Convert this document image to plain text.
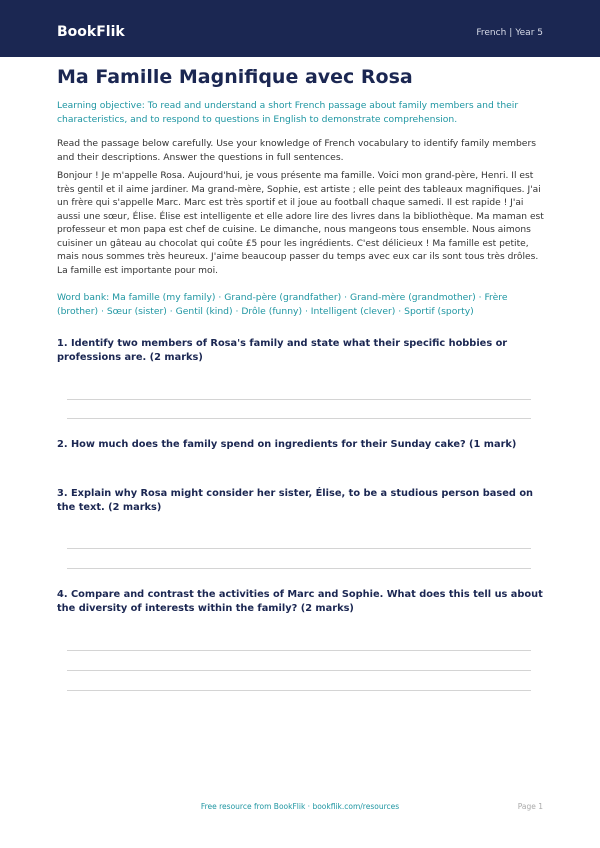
BookFlik	French | Year 5
Ma Famille Magnifique avec Rosa
Learning objective: To read and understand a short French passage about family members and their characteristics, and to respond to questions in English to demonstrate comprehension.
Read the passage below carefully. Use your knowledge of French vocabulary to identify family members and their descriptions. Answer the questions in full sentences.
Bonjour ! Je m'appelle Rosa. Aujourd'hui, je vous présente ma famille. Voici mon grand-père, Henri. Il est très gentil et il aime jardiner. Ma grand-mère, Sophie, est artiste ; elle peint des tableaux magnifiques. J'ai un frère qui s'appelle Marc. Marc est très sportif et il joue au football chaque samedi. Il est rapide ! J'ai aussi une sœur, Élise. Élise est intelligente et elle adore lire des livres dans la bibliothèque. Ma maman est professeur et mon papa est chef de cuisine. Le dimanche, nous mangeons tous ensemble. Nous aimons cuisiner un gâteau au chocolat qui coûte £5 pour les ingrédients. C'est délicieux ! Ma famille est petite, mais nous sommes très heureux. J'aime beaucoup passer du temps avec eux car ils sont tous très drôles. La famille est importante pour moi.
Word bank: Ma famille (my family) · Grand-père (grandfather) · Grand-mère (grandmother) · Frère (brother) · Sœur (sister) · Gentil (kind) · Drôle (funny) · Intelligent (clever) · Sportif (sporty)
1. Identify two members of Rosa's family and state what their specific hobbies or professions are. (2 marks)
2. How much does the family spend on ingredients for their Sunday cake? (1 mark)
3. Explain why Rosa might consider her sister, Élise, to be a studious person based on the text. (2 marks)
4. Compare and contrast the activities of Marc and Sophie. What does this tell us about the diversity of interests within the family? (2 marks)
Free resource from BookFlik · bookflik.com/resources	Page 1
